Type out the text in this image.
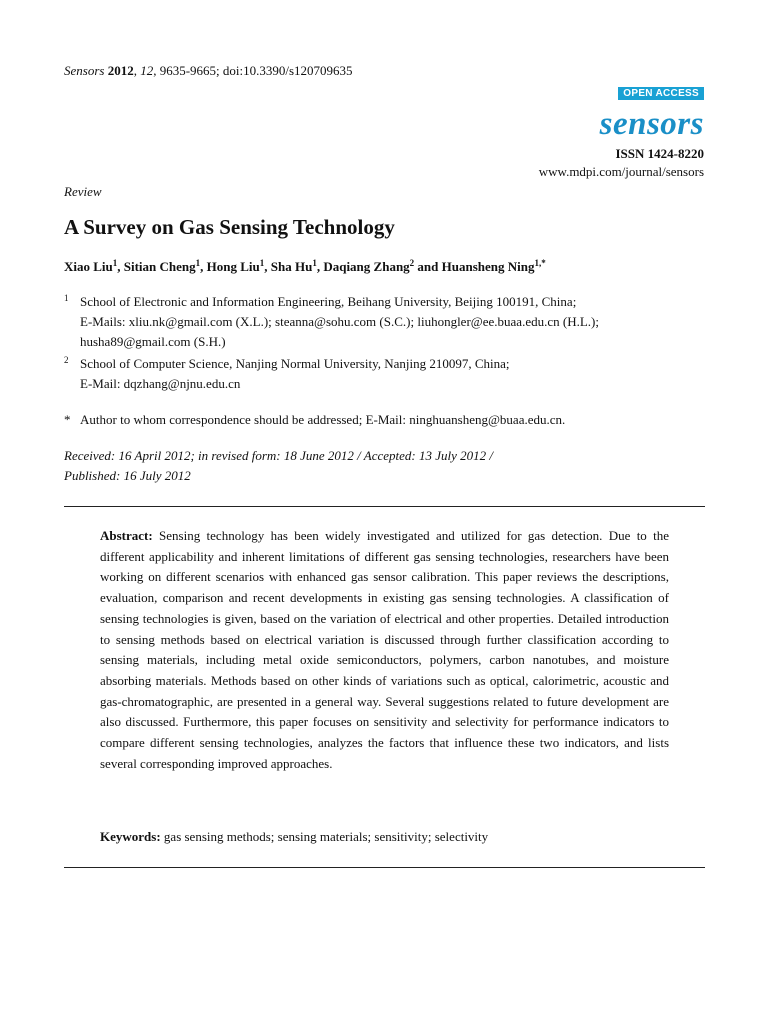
Sensors 2012, 12, 9635-9665; doi:10.3390/s120709635
OPEN ACCESS
sensors
ISSN 1424-8220
www.mdpi.com/journal/sensors
Review
A Survey on Gas Sensing Technology
Xiao Liu$^1$, Sitian Cheng$^1$, Hong Liu$^1$, Sha Hu$^1$, Daqiang Zhang$^2$ and Huansheng Ning$^{1,*}$
1 School of Electronic and Information Engineering, Beihang University, Beijing 100191, China;
E-Mails: xliu.nk@gmail.com (X.L.); steanna@sohu.com (S.C.); liuhongler@ee.buaa.edu.cn (H.L.);
husha89@gmail.com (S.H.)
2 School of Computer Science, Nanjing Normal University, Nanjing 210097, China;
E-Mail: dqzhang@njnu.edu.cn
* Author to whom correspondence should be addressed; E-Mail: ninghuansheng@buaa.edu.cn.
Received: 16 April 2012; in revised form: 18 June 2012 / Accepted: 13 July 2012 /
Published: 16 July 2012
Abstract: Sensing technology has been widely investigated and utilized for gas detection. Due to the different applicability and inherent limitations of different gas sensing technologies, researchers have been working on different scenarios with enhanced gas sensor calibration. This paper reviews the descriptions, evaluation, comparison and recent developments in existing gas sensing technologies. A classification of sensing technologies is given, based on the variation of electrical and other properties. Detailed introduction to sensing methods based on electrical variation is discussed through further classification according to sensing materials, including metal oxide semiconductors, polymers, carbon nanotubes, and moisture absorbing materials. Methods based on other kinds of variations such as optical, calorimetric, acoustic and gas-chromatographic, are presented in a general way. Several suggestions related to future development are also discussed. Furthermore, this paper focuses on sensitivity and selectivity for performance indicators to compare different sensing technologies, analyzes the factors that influence these two indicators, and lists several corresponding improved approaches.
Keywords: gas sensing methods; sensing materials; sensitivity; selectivity
